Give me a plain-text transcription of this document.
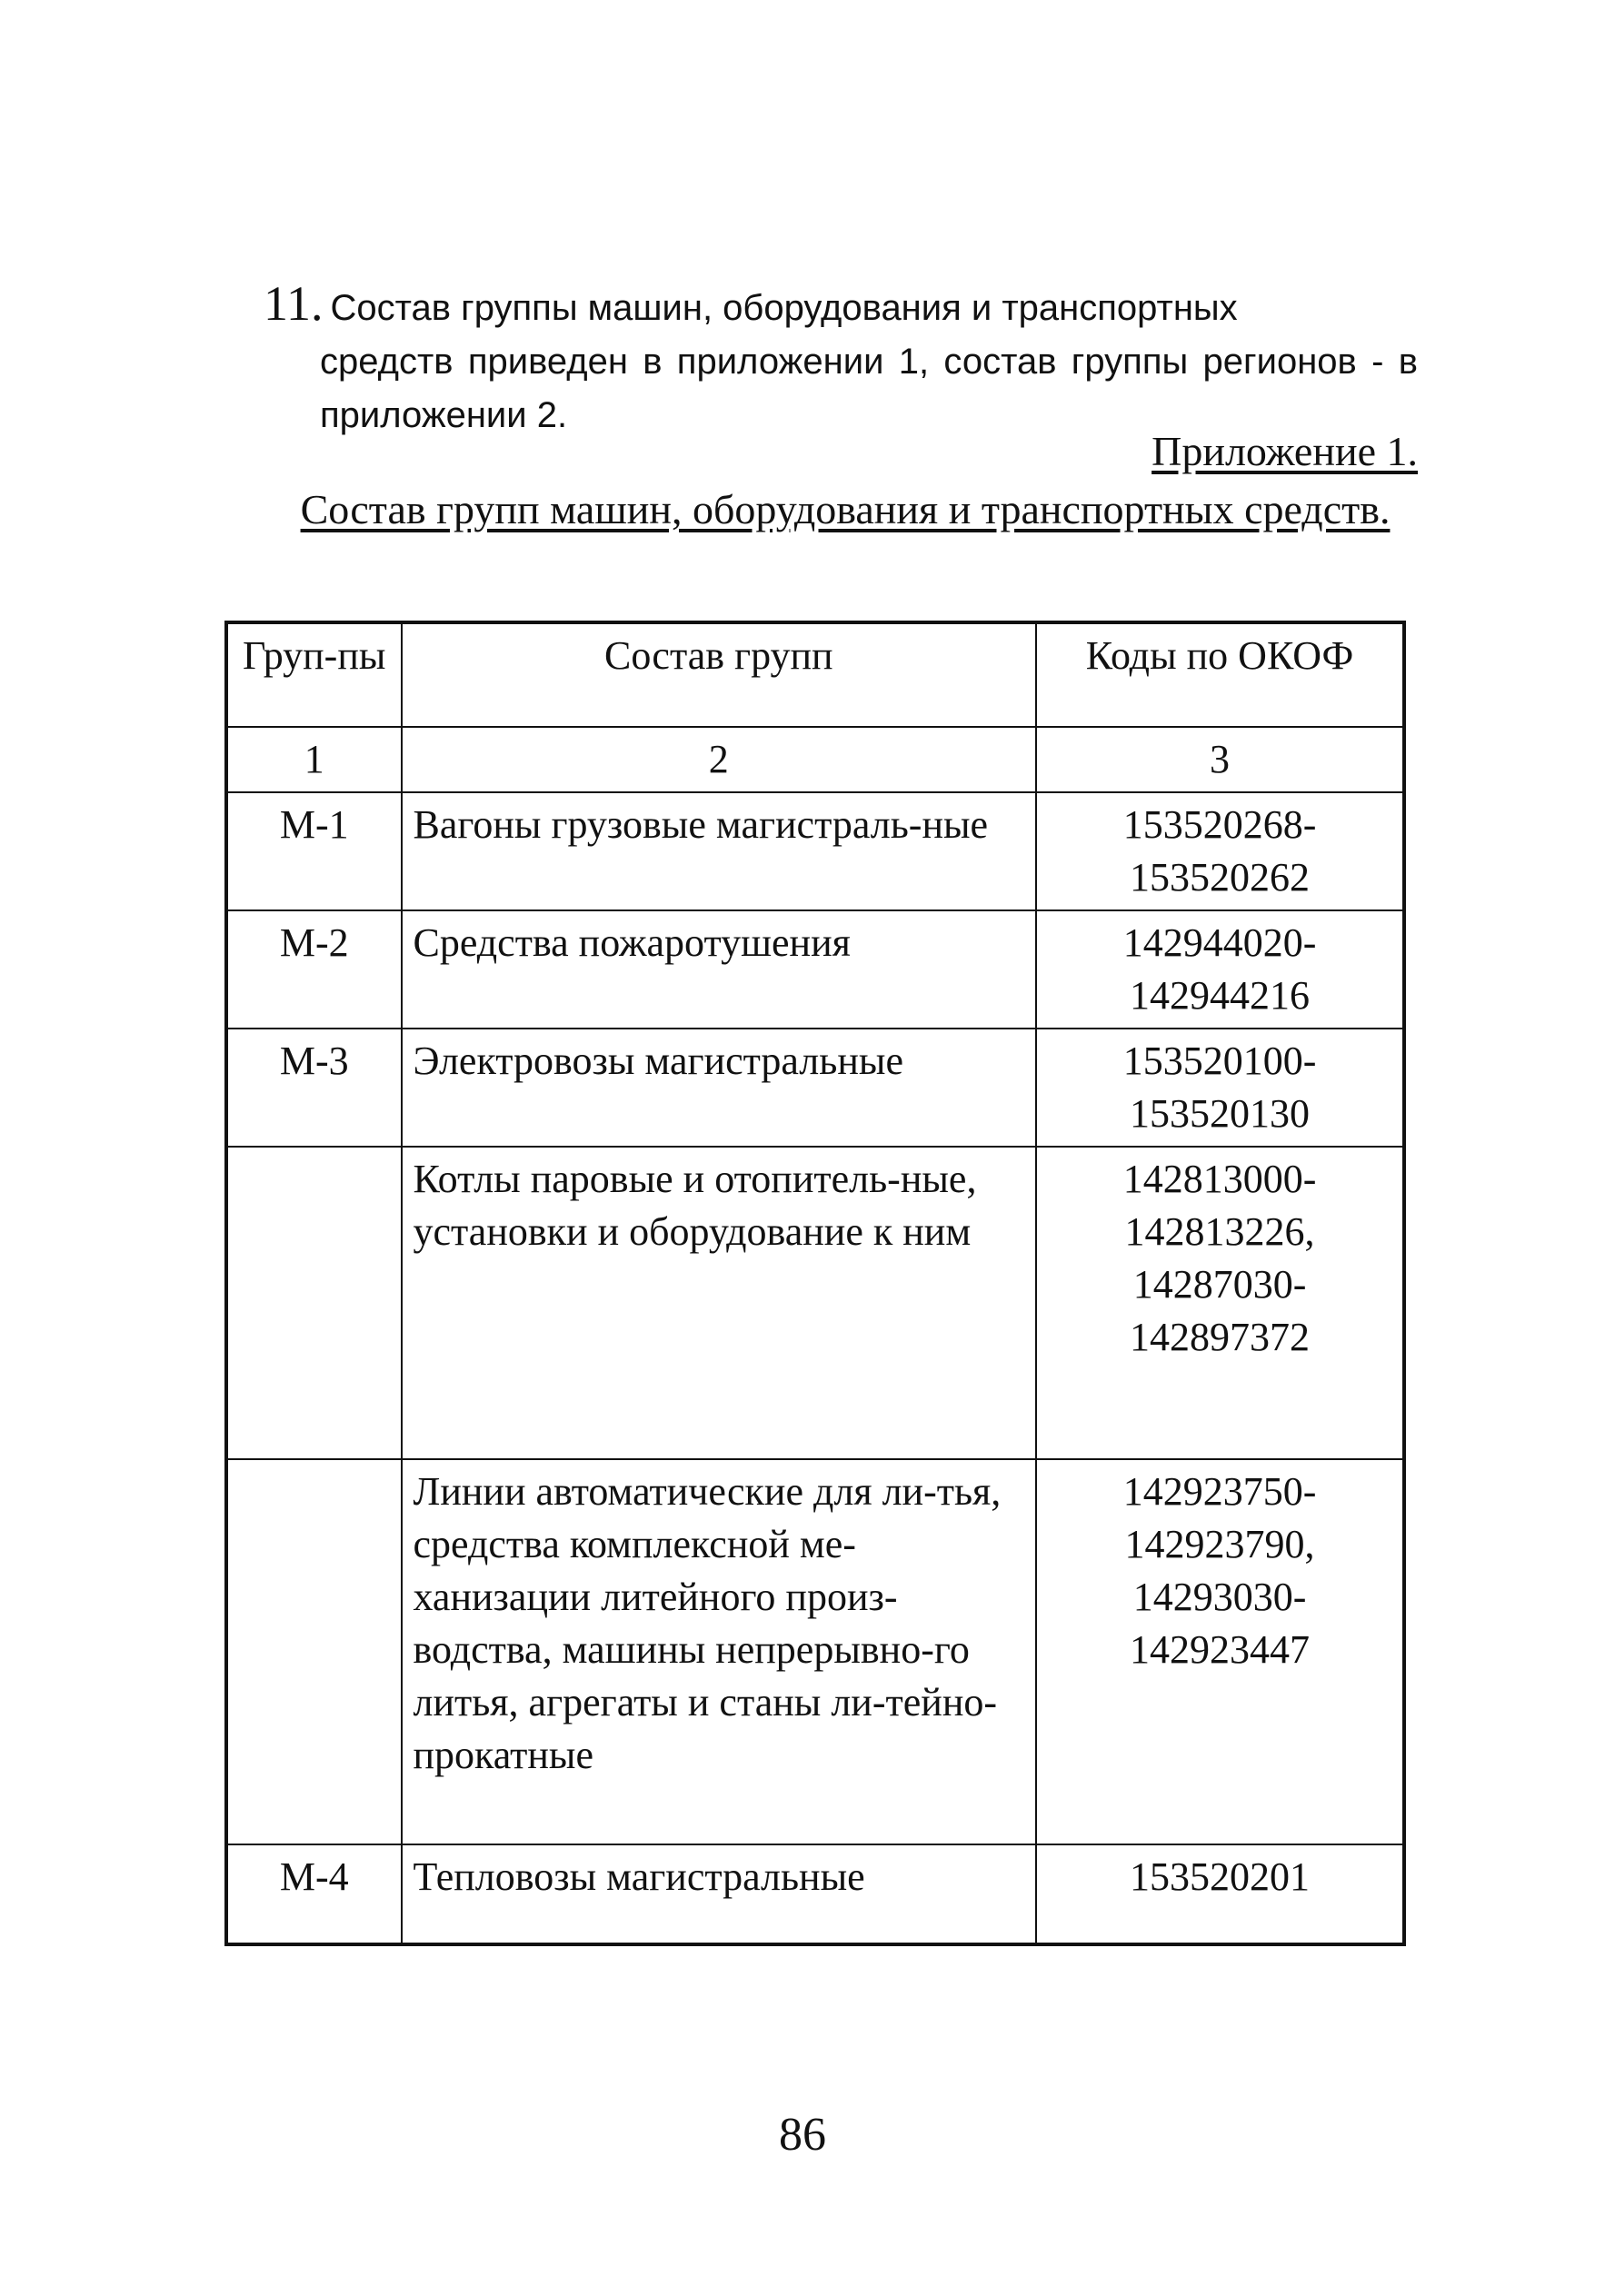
11. Состав группы машин, оборудования и транспортных
средств приведен в приложении 1, состав группы регионов - в приложении 2.
Приложение 1.
Состав групп машин, оборудования и транспортных средств.
Груп-пы	Состав групп	Коды по ОКОФ
1	2	3
М-1	Вагоны грузовые магистраль-ные	153520268-153520262
М-2	Средства пожаротушения	142944020-142944216
М-3	Электровозы магистральные	153520100-153520130
	Котлы паровые и отопитель-ные, установки и оборудование к ним	142813000-142813226, 14287030-142897372
	Линии автоматические для ли-тья, средства комплексной ме-ханизации литейного произ-водства, машины непрерывно-го литья, агрегаты и станы ли-тейно-прокатные	142923750-142923790, 14293030-142923447
М-4	Тепловозы магистральные	153520201
86
